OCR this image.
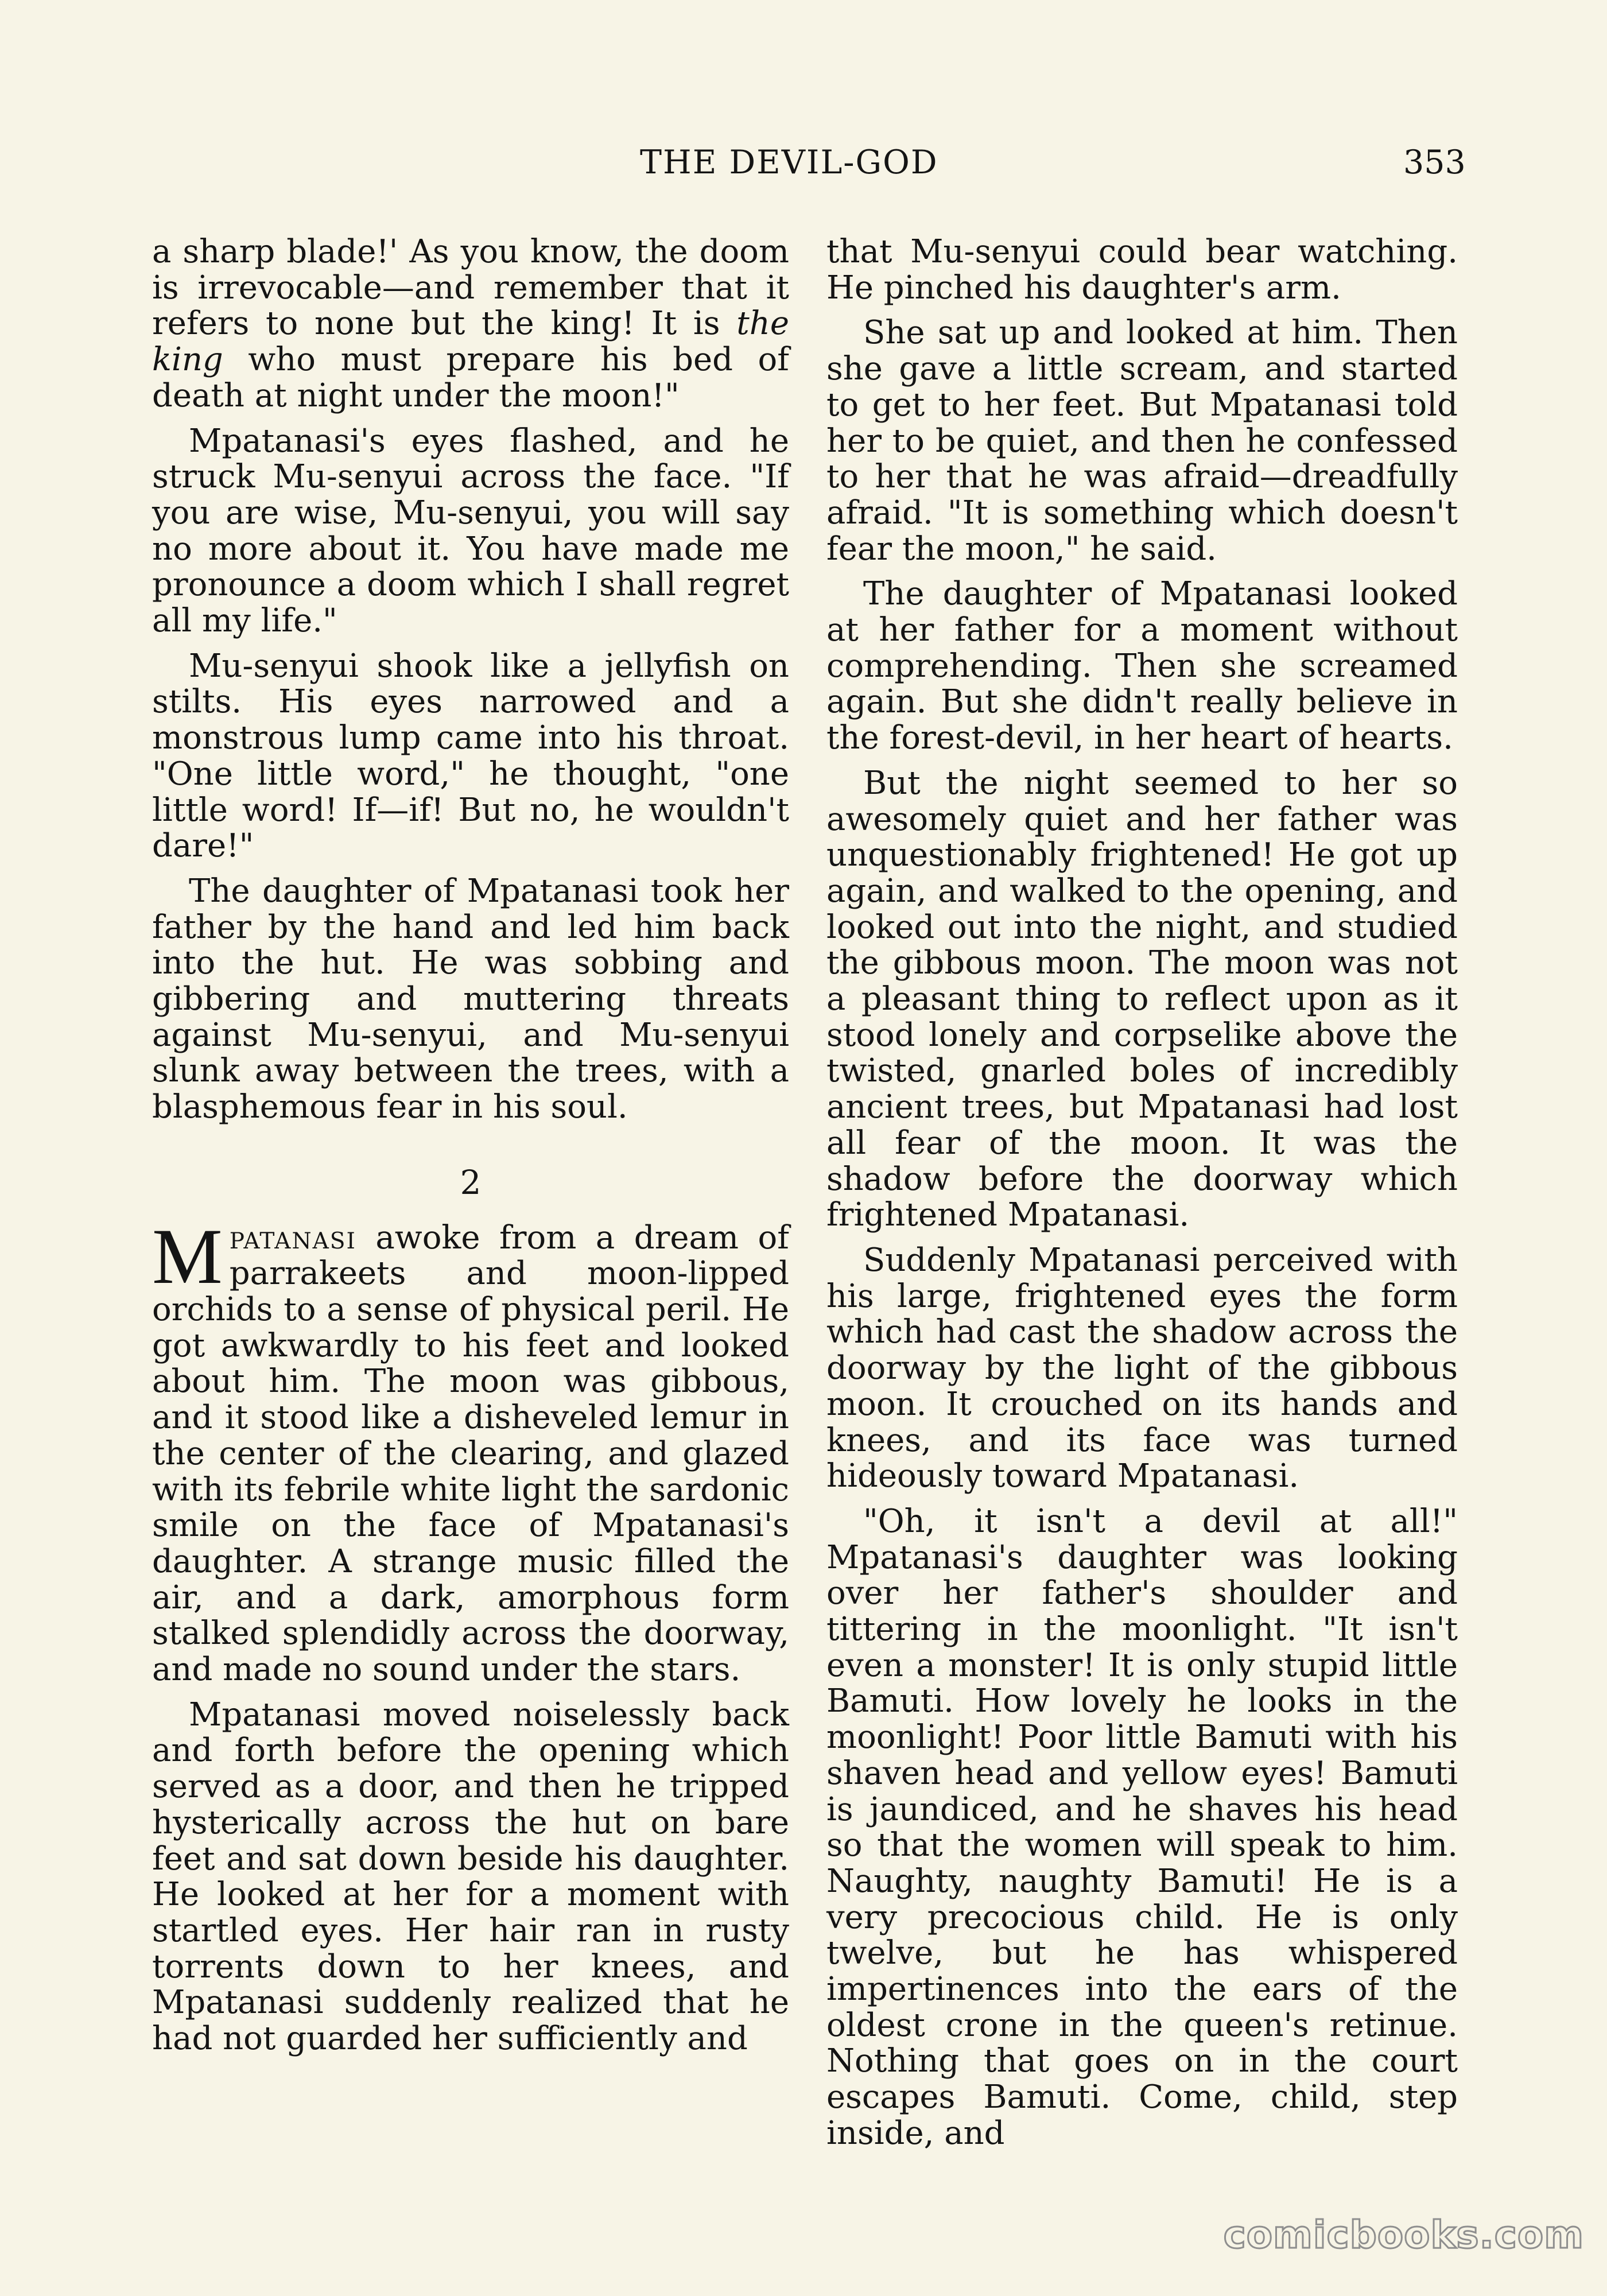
THE DEVIL-GOD	353

a sharp blade!' As you know, the doom is irrevocable—and remember that it refers to none but the king! It is the king who must prepare his bed of death at night under the moon!"

Mpatanasi's eyes flashed, and he struck Mu-senyui across the face. "If you are wise, Mu-senyui, you will say no more about it. You have made me pronounce a doom which I shall regret all my life."

Mu-senyui shook like a jellyfish on stilts. His eyes narrowed and a monstrous lump came into his throat. "One little word," he thought, "one little word! If—if! But no, he wouldn't dare!"

The daughter of Mpatanasi took her father by the hand and led him back into the hut. He was sobbing and gibbering and muttering threats against Mu-senyui, and Mu-senyui slunk away between the trees, with a blasphemous fear in his soul.

2

Mpatanasi awoke from a dream of parrakeets and moon-lipped orchids to a sense of physical peril. He got awkwardly to his feet and looked about him. The moon was gibbous, and it stood like a disheveled lemur in the center of the clearing, and glazed with its febrile white light the sardonic smile on the face of Mpatanasi's daughter. A strange music filled the air, and a dark, amorphous form stalked splendidly across the doorway, and made no sound under the stars.

Mpatanasi moved noiselessly back and forth before the opening which served as a door, and then he tripped hysterically across the hut on bare feet and sat down beside his daughter. He looked at her for a moment with startled eyes. Her hair ran in rusty torrents down to her knees, and Mpatanasi suddenly realized that he had not guarded her sufficiently and

that Mu-senyui could bear watching. He pinched his daughter's arm.

She sat up and looked at him. Then she gave a little scream, and started to get to her feet. But Mpatanasi told her to be quiet, and then he confessed to her that he was afraid—dreadfully afraid. "It is something which doesn't fear the moon," he said.

The daughter of Mpatanasi looked at her father for a moment without comprehending. Then she screamed again. But she didn't really believe in the forest-devil, in her heart of hearts.

But the night seemed to her so awesomely quiet and her father was unquestionably frightened! He got up again, and walked to the opening, and looked out into the night, and studied the gibbous moon. The moon was not a pleasant thing to reflect upon as it stood lonely and corpselike above the twisted, gnarled boles of incredibly ancient trees, but Mpatanasi had lost all fear of the moon. It was the shadow before the doorway which frightened Mpatanasi.

Suddenly Mpatanasi perceived with his large, frightened eyes the form which had cast the shadow across the doorway by the light of the gibbous moon. It crouched on its hands and knees, and its face was turned hideously toward Mpatanasi.

"Oh, it isn't a devil at all!" Mpatanasi's daughter was looking over her father's shoulder and tittering in the moonlight. "It isn't even a monster! It is only stupid little Bamuti. How lovely he looks in the moonlight! Poor little Bamuti with his shaven head and yellow eyes! Bamuti is jaundiced, and he shaves his head so that the women will speak to him. Naughty, naughty Bamuti! He is a very precocious child. He is only twelve, but he has whispered impertinences into the ears of the oldest crone in the queen's retinue. Nothing that goes on in the court escapes Bamuti. Come, child, step inside, and

comicbooks.com
